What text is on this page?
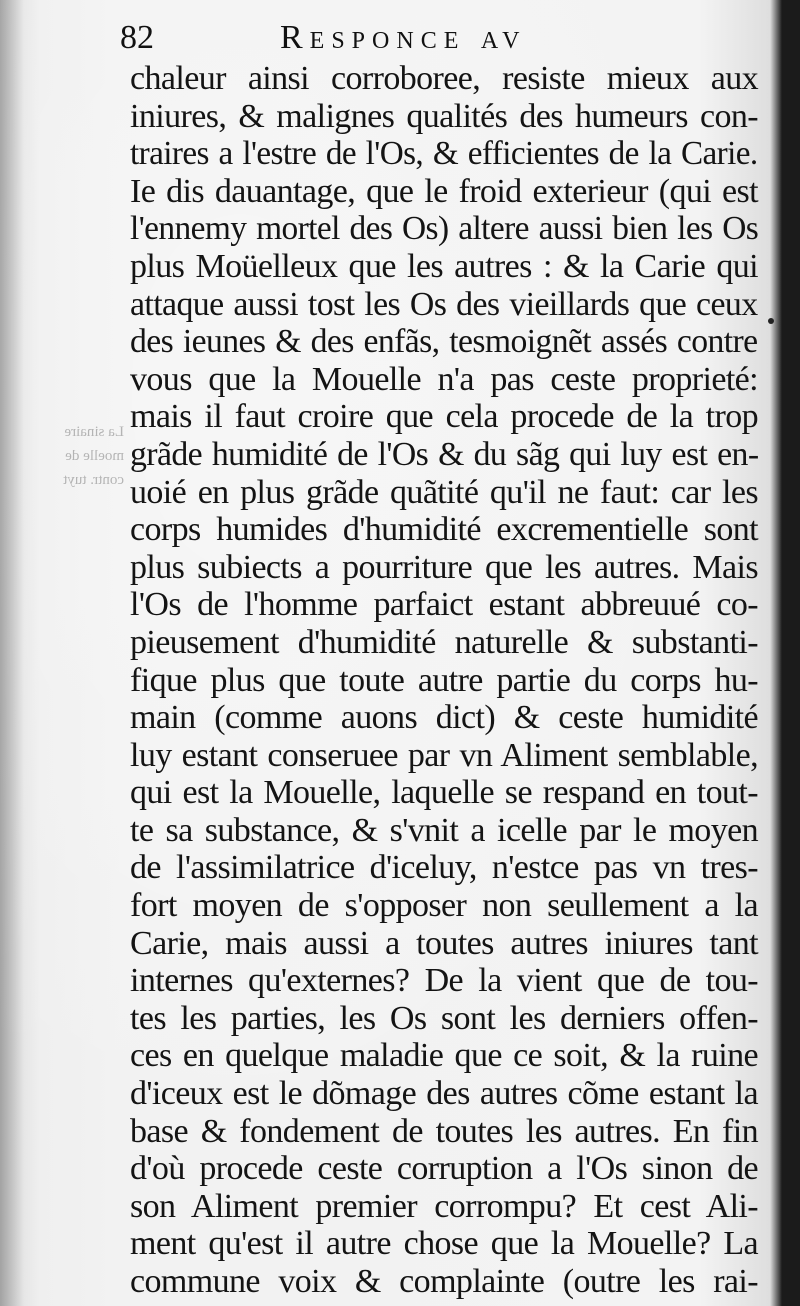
82	Responce av
La sinaire
moelle de
contr. tuyt
chaleur ainsi corroboree, resiste mieux aux
iniures, & malignes qualités des humeurs con-
traires a l'estre de l'Os, & efficientes de la Carie.
Ie dis dauantage, que le froid exterieur (qui est
l'ennemy mortel des Os) altere aussi bien les Os
plus Moüelleux que les autres : & la Carie qui
attaque aussi tost les Os des vieillards que ceux
des ieunes & des enfãs, tesmoignẽt assés contre
vous que la Mouelle n'a pas ceste proprieté:
mais il faut croire que cela procede de la trop
grãde humidité de l'Os & du sãg qui luy est en-
uoié en plus grãde quãtité qu'il ne faut: car les
corps humides d'humidité excrementielle sont
plus subiects a pourriture que les autres. Mais
l'Os de l'homme parfaict estant abbreuué co-
pieusement d'humidité naturelle & substanti-
fique plus que toute autre partie du corps hu-
main (comme auons dict) & ceste humidité
luy estant conseruee par vn Aliment semblable,
qui est la Mouelle, laquelle se respand en tout-
te sa substance, & s'vnit a icelle par le moyen
de l'assimilatrice d'iceluy, n'estce pas vn tres-
fort moyen de s'opposer non seullement a la
Carie, mais aussi a toutes autres iniures tant
internes qu'externes? De la vient que de tou-
tes les parties, les Os sont les derniers offen-
ces en quelque maladie que ce soit, & la ruine
d'iceux est le dõmage des autres cõme estant la
base & fondement de toutes les autres. En fin
d'où procede ceste corruption a l'Os sinon de
son Aliment premier corrompu? Et cest Ali-
ment qu'est il autre chose que la Mouelle? La
commune voix & complainte (outre les rai-
